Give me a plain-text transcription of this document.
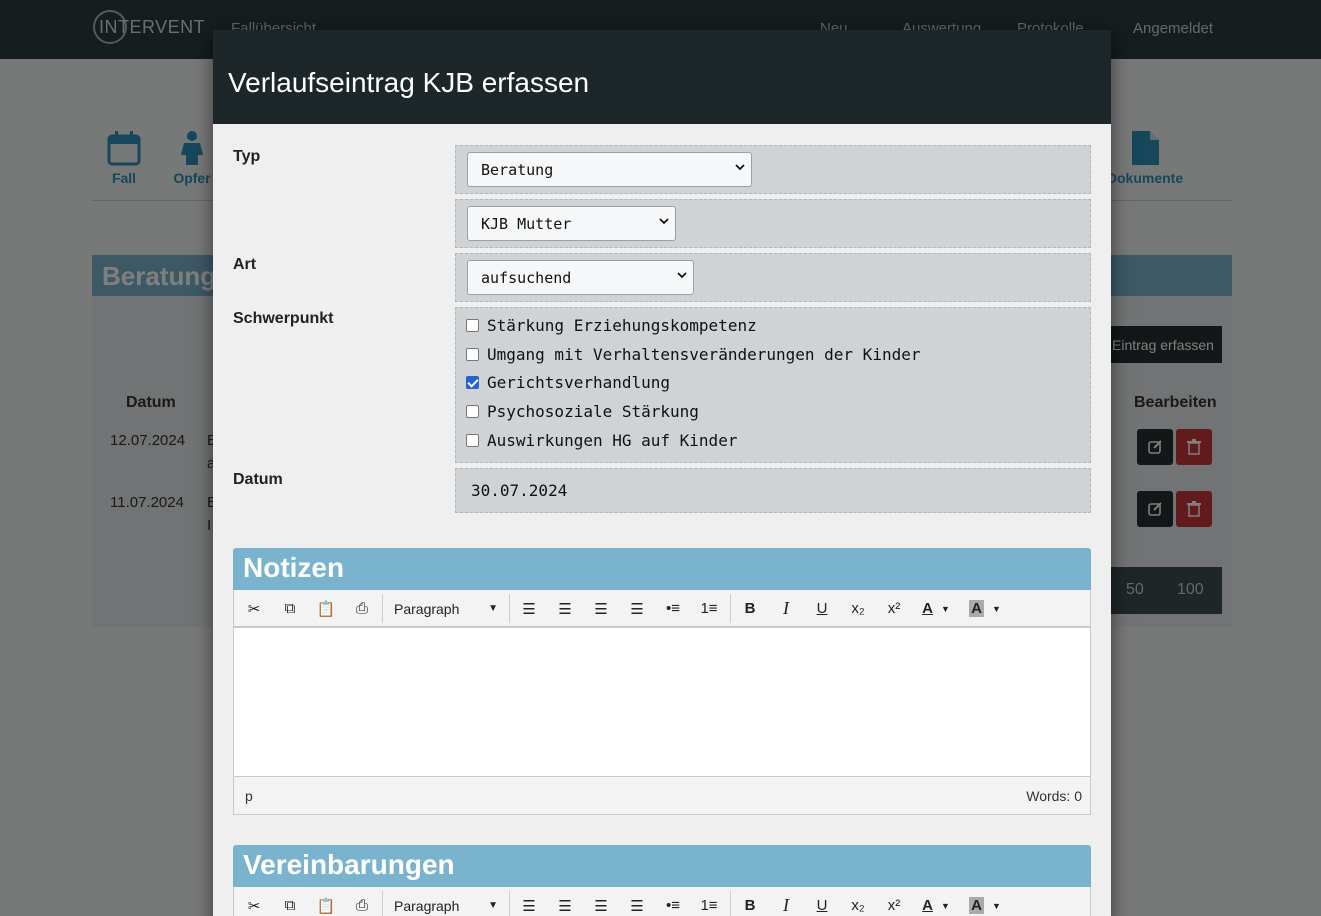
Verlaufseintrag KJB erfassen
Typ
Beratung
KJB Mutter
Art
aufsuchend
Schwerpunkt	Stärkung Erziehungskompetenz
Umgang mit Verhaltensveränderungen der Kinder
Gerichtsverhandlung
Psychosoziale Stärkung
Auswirkungen HG auf Kinder
Datum
30.07.2024
Notizen
✂	⧉	📋	⎙	Paragraph	▼	☰	☰	☰	☰	•≡	1≡	B	I	U	x₂	x²	A ▼ A ▼
p	Words: 0
Vereinbarungen
✂	⧉	📋	⎙	Paragraph	▼	☰	☰	☰	☰	•≡	1≡	B	I	U	x₂	x²	A ▼ A ▼
